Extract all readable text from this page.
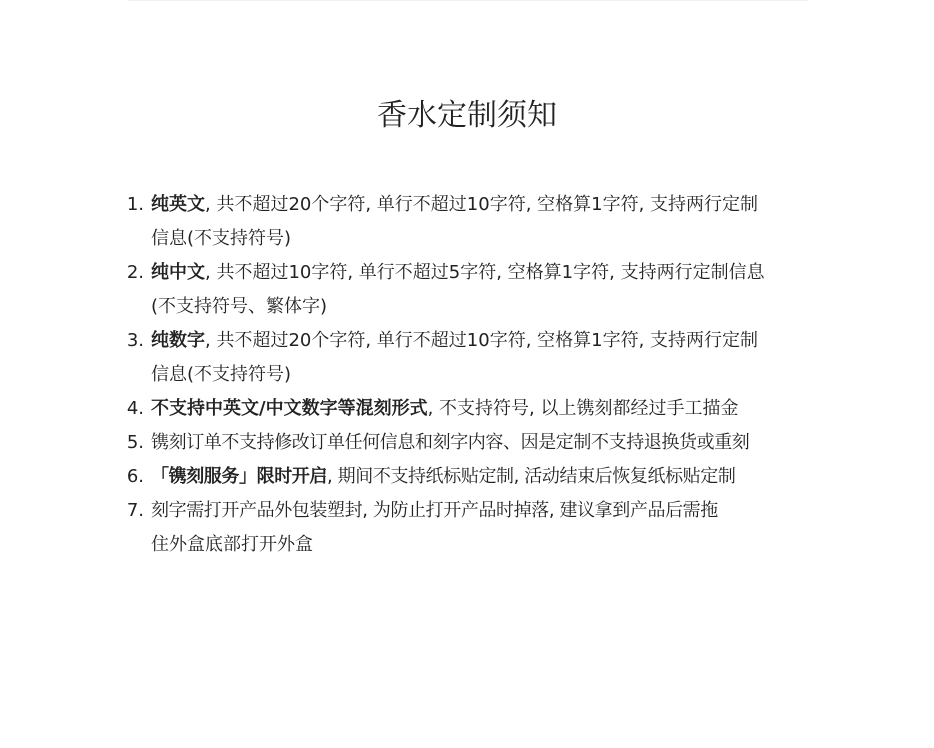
香水定制须知
1. 纯英文, 共不超过20个字符, 单行不超过10字符, 空格算1字符, 支持两行定制
信息(不支持符号)
2. 纯中文, 共不超过10字符, 单行不超过5字符, 空格算1字符, 支持两行定制信息
(不支持符号、繁体字)
3. 纯数字, 共不超过20个字符, 单行不超过10字符, 空格算1字符, 支持两行定制
信息(不支持符号)
4. 不支持中英文/中文数字等混刻形式, 不支持符号, 以上镌刻都经过手工描金
5. 镌刻订单不支持修改订单任何信息和刻字内容、因是定制不支持退换货或重刻
6. 「镌刻服务」限时开启, 期间不支持纸标贴定制, 活动结束后恢复纸标贴定制
7. 刻字需打开产品外包装塑封, 为防止打开产品时掉落, 建议拿到产品后需拖
住外盒底部打开外盒
